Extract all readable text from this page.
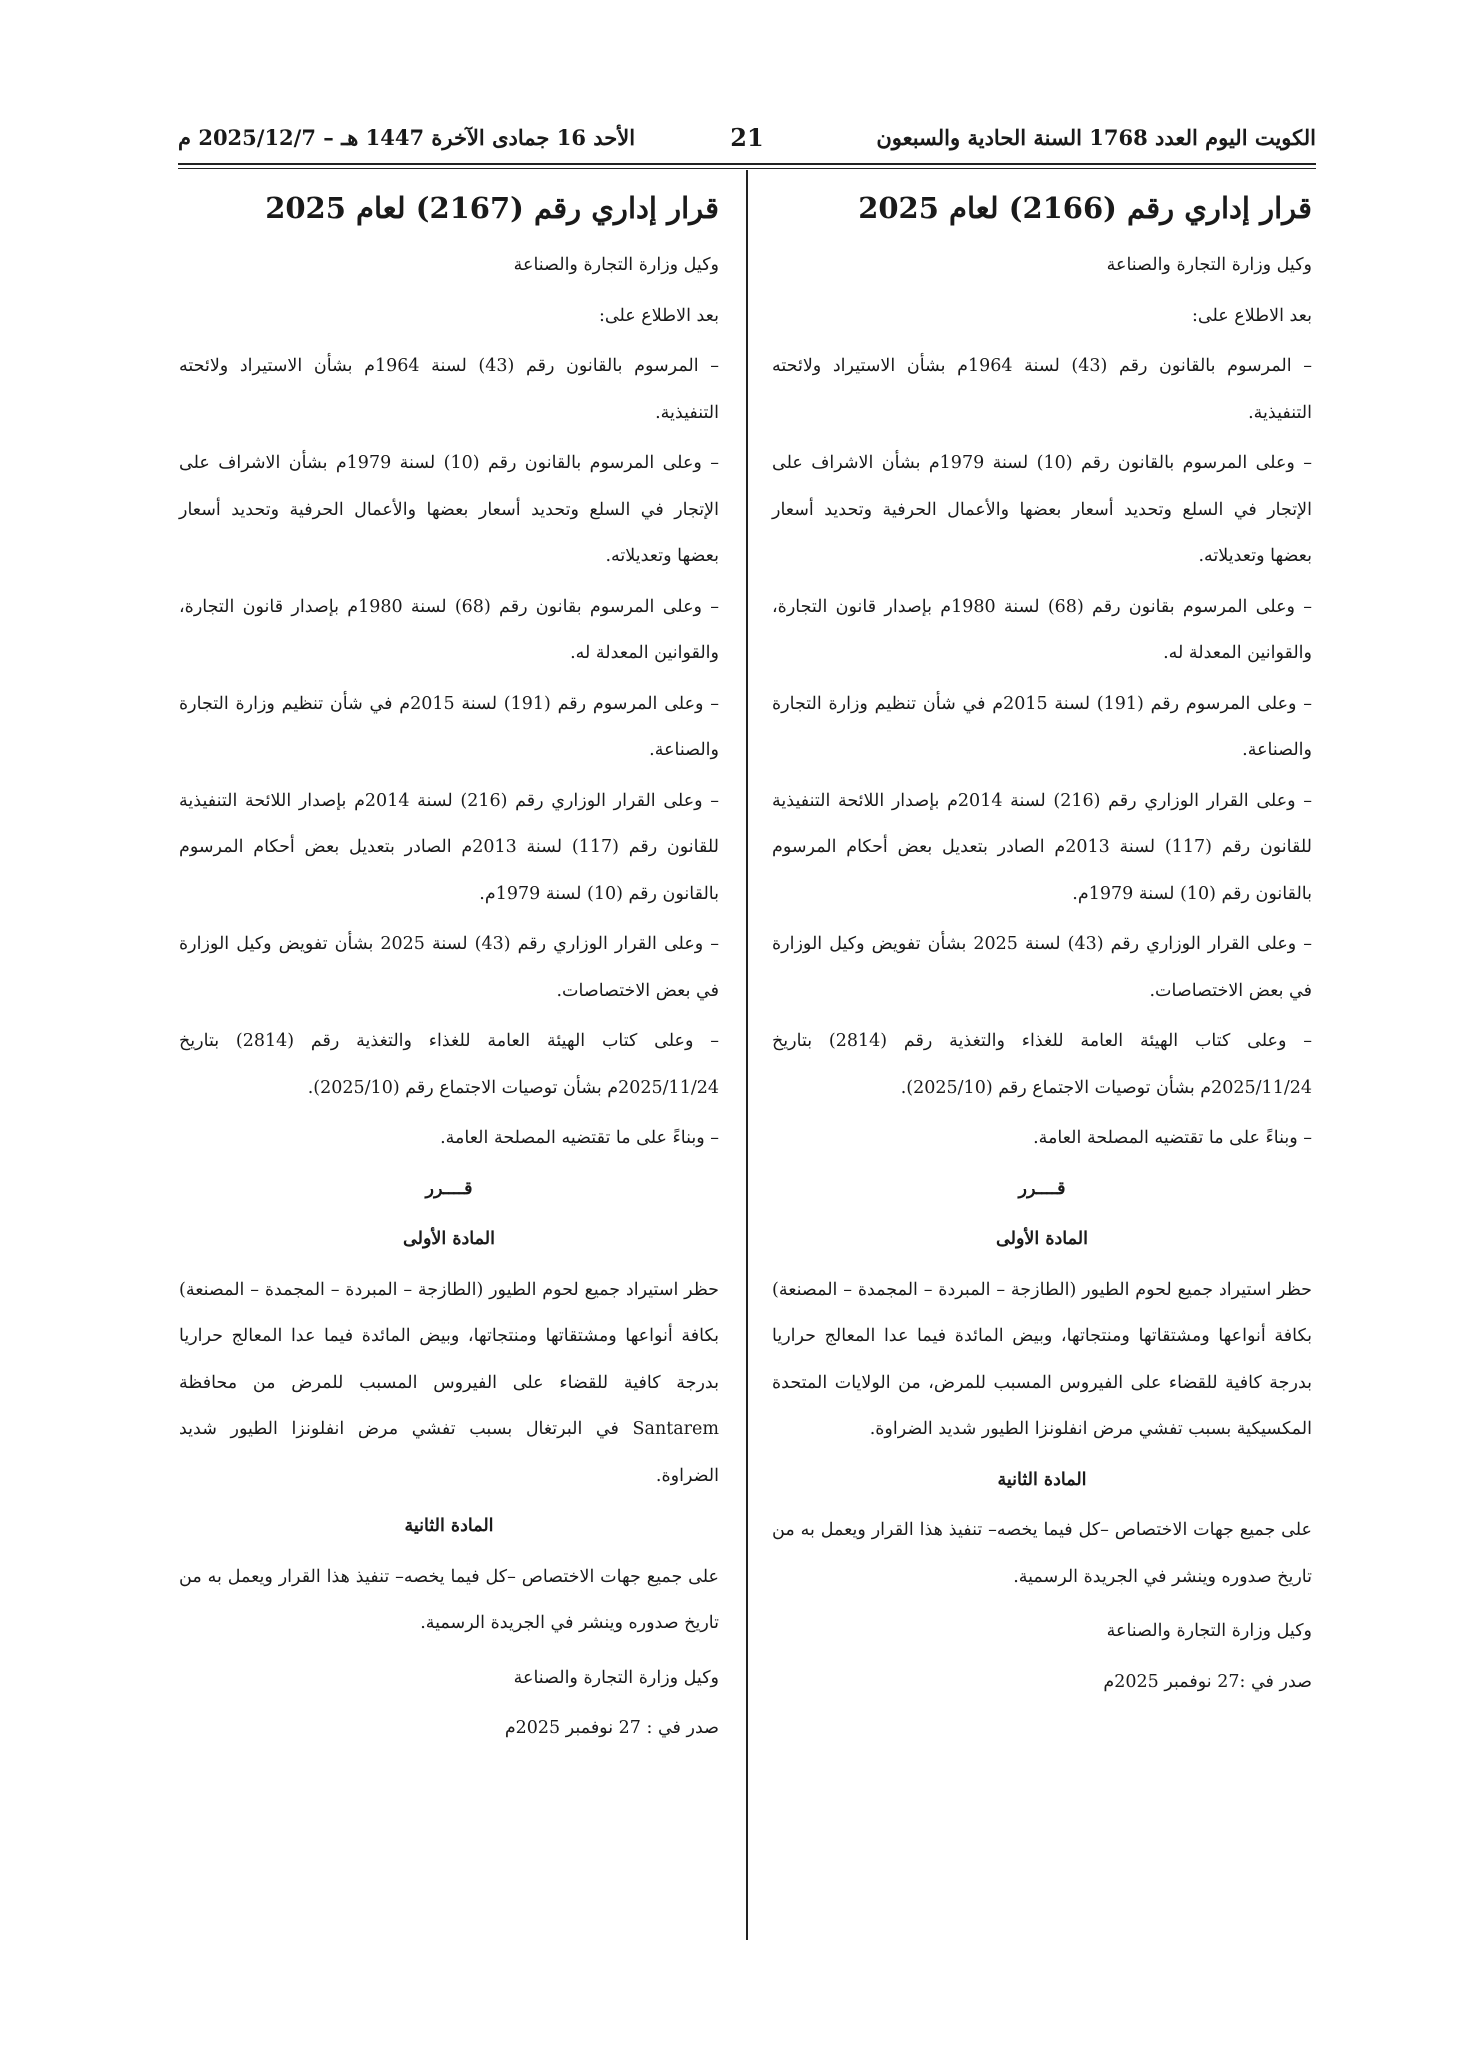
الكويت اليوم العدد 1768 السنة الحادية والسبعون
21
الأحد 16 جمادى الآخرة 1447 هـ – 2025/12/7 م
قرار إداري رقم (2166) لعام 2025

وكيل وزارة التجارة والصناعة

بعد الاطلاع على:

– المرسوم بالقانون رقم (43) لسنة 1964م بشأن الاستيراد ولائحته التنفيذية.

– وعلى المرسوم بالقانون رقم (10) لسنة 1979م بشأن الاشراف على الإتجار في السلع وتحديد أسعار بعضها والأعمال الحرفية وتحديد أسعار بعضها وتعديلاته.

– وعلى المرسوم بقانون رقم (68) لسنة 1980م بإصدار قانون التجارة، والقوانين المعدلة له.

– وعلى المرسوم رقم (191) لسنة 2015م في شأن تنظيم وزارة التجارة والصناعة.

– وعلى القرار الوزاري رقم (216) لسنة 2014م بإصدار اللائحة التنفيذية للقانون رقم (117) لسنة 2013م الصادر بتعديل بعض أحكام المرسوم بالقانون رقم (10) لسنة 1979م.

– وعلى القرار الوزاري رقم (43) لسنة 2025 بشأن تفويض وكيل الوزارة في بعض الاختصاصات.

– وعلى كتاب الهيئة العامة للغذاء والتغذية رقم (2814) بتاريخ 2025/11/24م بشأن توصيات الاجتماع رقم (2025/10).

– وبناءً على ما تقتضيه المصلحة العامة.

قــــرر

المادة الأولى

حظر استيراد جميع لحوم الطيور (الطازجة – المبردة – المجمدة – المصنعة) بكافة أنواعها ومشتقاتها ومنتجاتها، وبيض المائدة فيما عدا المعالج حراريا بدرجة كافية للقضاء على الفيروس المسبب للمرض، من الولايات المتحدة المكسيكية بسبب تفشي مرض انفلونزا الطيور شديد الضراوة.

المادة الثانية

على جميع جهات الاختصاص –كل فيما يخصه– تنفيذ هذا القرار ويعمل به من تاريخ صدوره وينشر في الجريدة الرسمية.

وكيل وزارة التجارة والصناعة

صدر في :27 نوفمبر 2025م

قرار إداري رقم (2167) لعام 2025

وكيل وزارة التجارة والصناعة

بعد الاطلاع على:

– المرسوم بالقانون رقم (43) لسنة 1964م بشأن الاستيراد ولائحته التنفيذية.

– وعلى المرسوم بالقانون رقم (10) لسنة 1979م بشأن الاشراف على الإتجار في السلع وتحديد أسعار بعضها والأعمال الحرفية وتحديد أسعار بعضها وتعديلاته.

– وعلى المرسوم بقانون رقم (68) لسنة 1980م بإصدار قانون التجارة، والقوانين المعدلة له.

– وعلى المرسوم رقم (191) لسنة 2015م في شأن تنظيم وزارة التجارة والصناعة.

– وعلى القرار الوزاري رقم (216) لسنة 2014م بإصدار اللائحة التنفيذية للقانون رقم (117) لسنة 2013م الصادر بتعديل بعض أحكام المرسوم بالقانون رقم (10) لسنة 1979م.

– وعلى القرار الوزاري رقم (43) لسنة 2025 بشأن تفويض وكيل الوزارة في بعض الاختصاصات.

– وعلى كتاب الهيئة العامة للغذاء والتغذية رقم (2814) بتاريخ 2025/11/24م بشأن توصيات الاجتماع رقم (2025/10).

– وبناءً على ما تقتضيه المصلحة العامة.

قــــرر

المادة الأولى

حظر استيراد جميع لحوم الطيور (الطازجة – المبردة – المجمدة – المصنعة) بكافة أنواعها ومشتقاتها ومنتجاتها، وبيض المائدة فيما عدا المعالج حراريا بدرجة كافية للقضاء على الفيروس المسبب للمرض من محافظة Santarem في البرتغال بسبب تفشي مرض انفلونزا الطيور شديد الضراوة.

المادة الثانية

على جميع جهات الاختصاص –كل فيما يخصه– تنفيذ هذا القرار ويعمل به من تاريخ صدوره وينشر في الجريدة الرسمية.

وكيل وزارة التجارة والصناعة

صدر في : 27 نوفمبر 2025م
